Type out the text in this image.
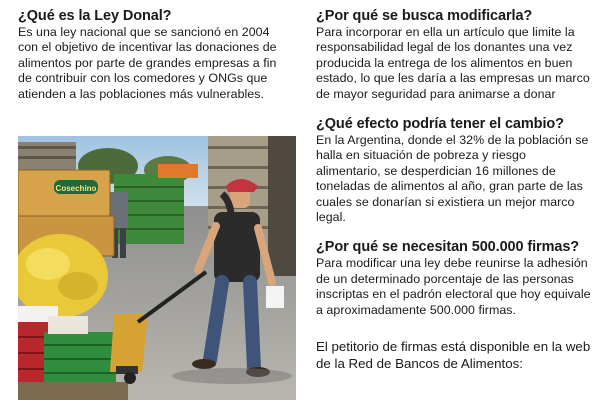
¿Qué es la Ley Donal?

Es una ley nacional que se sancionó en 2004 con el objetivo de incentivar las donaciones de alimentos por parte de grandes empresas a fin de contribuir con los comedores y ONGs que atienden a las poblaciones más vulnerables.

Cosechino
¿Por qué se busca modificarla?

Para incorporar en ella un artículo que limite la responsabilidad legal de los donantes una vez producida la entrega de los alimentos en buen estado, lo que les daría a las empresas un marco de mayor seguridad para animarse a donar

¿Qué efecto podría tener el cambio?

En la Argentina, donde el 32% de la población se halla en situación de pobreza y riesgo alimentario, se desperdician 16 millones de toneladas de alimentos al año, gran parte de las cuales se donarían si existiera un mejor marco legal.

¿Por qué se necesitan 500.000 firmas?

Para modificar una ley debe reunirse la adhesión de un determinado porcentaje de las personas inscriptas en el padrón electoral que hoy equivale a aproximadamente 500.000 firmas.

El petitorio de firmas está disponible en la web de la Red de Bancos de Alimentos:
